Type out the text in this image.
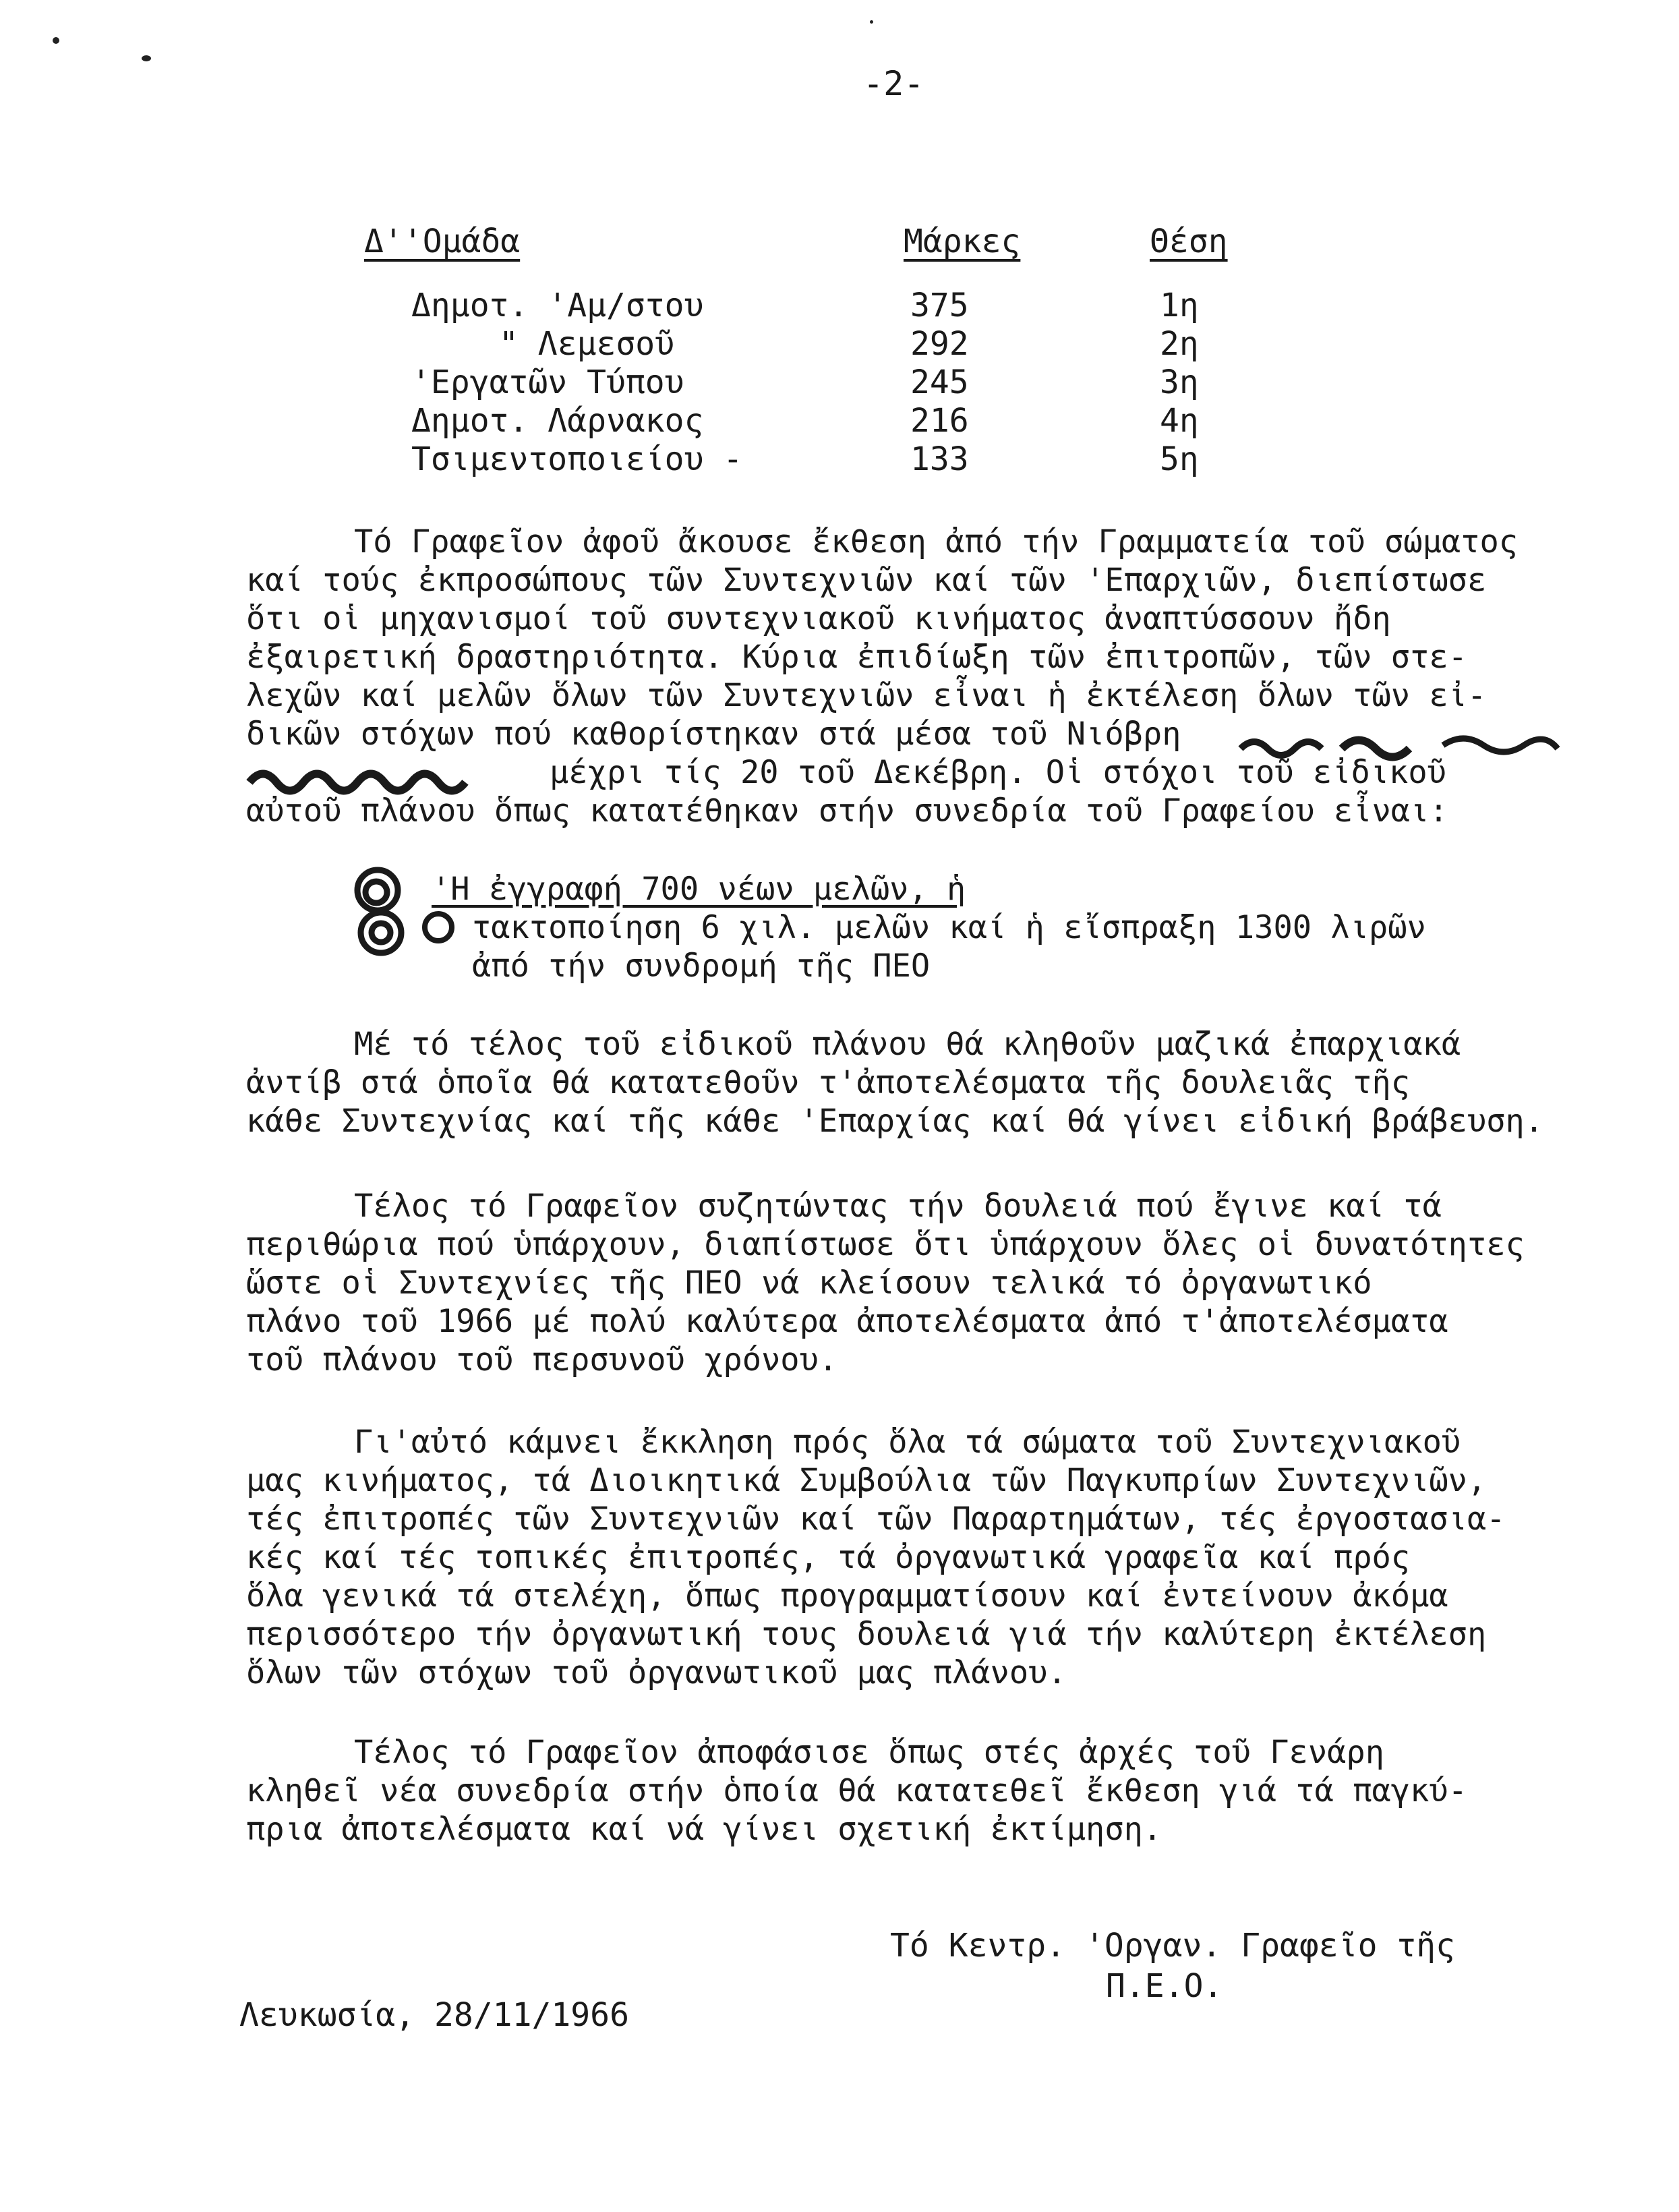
-2-
Δ''Ομάδα	Μάρκες	Θέση
Δημοτ. 'Αμ/στου	375	1η
" Λεμεσοῦ	292	2η
'Εργατῶν Τύπου	245	3η
Δημοτ. Λάρνακος	216	4η
Τσιμεντοποιείου -	133	5η
Τό Γραφεῖον ἀφοῦ ἄκουσε ἔκθεση ἀπό τήν Γραμματεία τοῦ σώματος
καί τούς ἐκπροσώπους τῶν Συντεχνιῶν καί τῶν 'Επαρχιῶν, διεπίστωσε
ὅτι οἱ μηχανισμοί τοῦ συντεχνιακοῦ κινήματος ἀναπτύσσουν ἤδη
ἐξαιρετική δραστηριότητα. Κύρια ἐπιδίωξη τῶν ἐπιτροπῶν, τῶν στε-
λεχῶν καί μελῶν ὅλων τῶν Συντεχνιῶν εἶναι ἡ ἐκτέλεση ὅλων τῶν εἰ-
δικῶν στόχων πού καθορίστηκαν στά μέσα τοῦ Νιόβρη
μέχρι τίς 20 τοῦ Δεκέβρη. Οἱ στόχοι τοῦ εἰδικοῦ
αὐτοῦ πλάνου ὅπως κατατέθηκαν στήν συνεδρία τοῦ Γραφείου εἶναι:
'Η ἐγγραφή 700 νέων μελῶν, ἡ
τακτοποίηση 6 χιλ. μελῶν καί ἡ εἴσπραξη 1300 λιρῶν
ἀπό τήν συνδρομή τῆς ΠΕΟ
Μέ τό τέλος τοῦ εἰδικοῦ πλάνου θά κληθοῦν μαζικά ἐπαρχιακά
ἀντίβ στά ὁποῖα θά κατατεθοῦν τ'ἀποτελέσματα τῆς δουλειᾶς τῆς
κάθε Συντεχνίας καί τῆς κάθε 'Επαρχίας καί θά γίνει εἰδική βράβευση.
Τέλος τό Γραφεῖον συζητώντας τήν δουλειά πού ἔγινε καί τά
περιθώρια πού ὑπάρχουν, διαπίστωσε ὅτι ὑπάρχουν ὅλες οἱ δυνατότητες
ὥστε οἱ Συντεχνίες τῆς ΠΕΟ νά κλείσουν τελικά τό ὀργανωτικό
πλάνο τοῦ 1966 μέ πολύ καλύτερα ἀποτελέσματα ἀπό τ'ἀποτελέσματα
τοῦ πλάνου τοῦ περσυνοῦ χρόνου.
Γι'αὐτό κάμνει ἔκκληση πρός ὅλα τά σώματα τοῦ Συντεχνιακοῦ
μας κινήματος, τά Διοικητικά Συμβούλια τῶν Παγκυπρίων Συντεχνιῶν,
τές ἐπιτροπές τῶν Συντεχνιῶν καί τῶν Παραρτημάτων, τές ἐργοστασια-
κές καί τές τοπικές ἐπιτροπές, τά ὀργανωτικά γραφεῖα καί πρός
ὅλα γενικά τά στελέχη, ὅπως προγραμματίσουν καί ἐντείνουν ἀκόμα
περισσότερο τήν ὀργανωτική τους δουλειά γιά τήν καλύτερη ἐκτέλεση
ὅλων τῶν στόχων τοῦ ὀργανωτικοῦ μας πλάνου.
Τέλος τό Γραφεῖον ἀποφάσισε ὅπως στές ἀρχές τοῦ Γενάρη
κληθεῖ νέα συνεδρία στήν ὁποία θά κατατεθεῖ ἔκθεση γιά τά παγκύ-
πρια ἀποτελέσματα καί νά γίνει σχετική ἐκτίμηση.
Τό Κεντρ. 'Οργαν. Γραφεῖο τῆς
Π.Ε.Ο.
Λευκωσία, 28/11/1966
